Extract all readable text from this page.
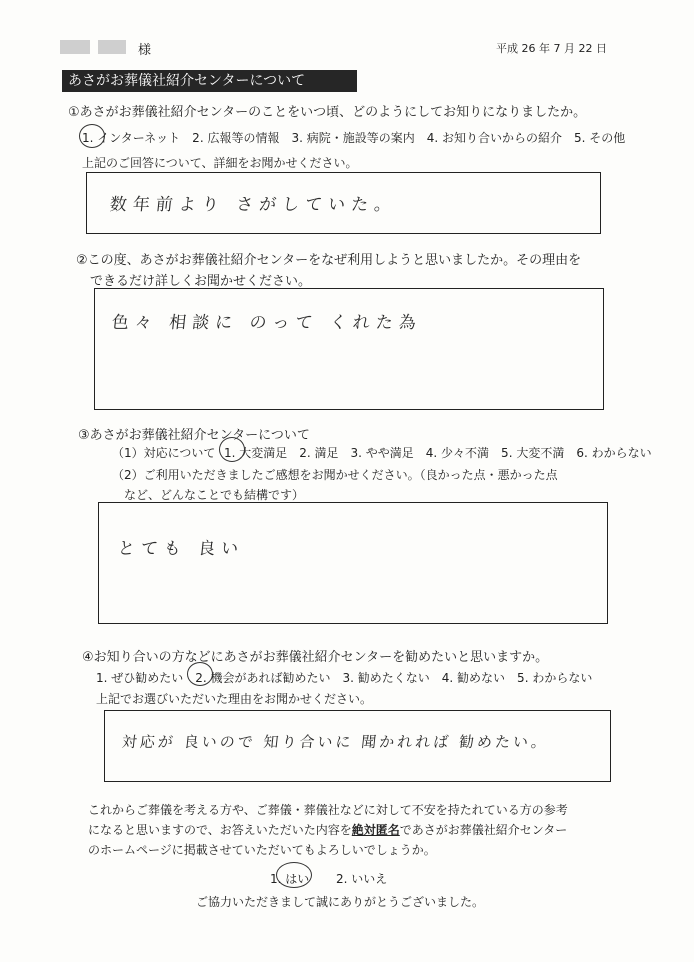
様	平成 26 年 7 月 22 日
あさがお葬儀社紹介センターについて
①あさがお葬儀社紹介センターのことをいつ頃、どのようにしてお知りになりましたか。
1. インターネット　2. 広報等の情報　3. 病院・施設等の案内　4. お知り合いからの紹介　5. その他
上記のご回答について、詳細をお聞かせください。
数年前より さがしていた。
②この度、あさがお葬儀社紹介センターをなぜ利用しようと思いましたか。その理由を
できるだけ詳しくお聞かせください。
色々 相談に のって くれた為
③あさがお葬儀社紹介センターについて
（1）対応について 1. 大変満足　2. 満足　3. やや満足　4. 少々不満　5. 大変不満　6. わからない
（2）ご利用いただきましたご感想をお聞かせください。（良かった点・悪かった点
など、どんなことでも結構です）
とても 良い
④お知り合いの方などにあさがお葬儀社紹介センターを勧めたいと思いますか。
1. ぜひ勧めたい　2. 機会があれば勧めたい　3. 勧めたくない　4. 勧めない　5. わからない
上記でお選びいただいた理由をお聞かせください。
対応が 良いので 知り合いに 聞かれれば 勧めたい。
これからご葬儀を考える方や、ご葬儀・葬儀社などに対して不安を持たれている方の参考
になると思いますので、お答えいただいた内容を絶対匿名であさがお葬儀社紹介センター
のホームページに掲載させていただいてもよろしいでしょうか。
1. はい 2. いいえ
ご協力いただきまして誠にありがとうございました。
